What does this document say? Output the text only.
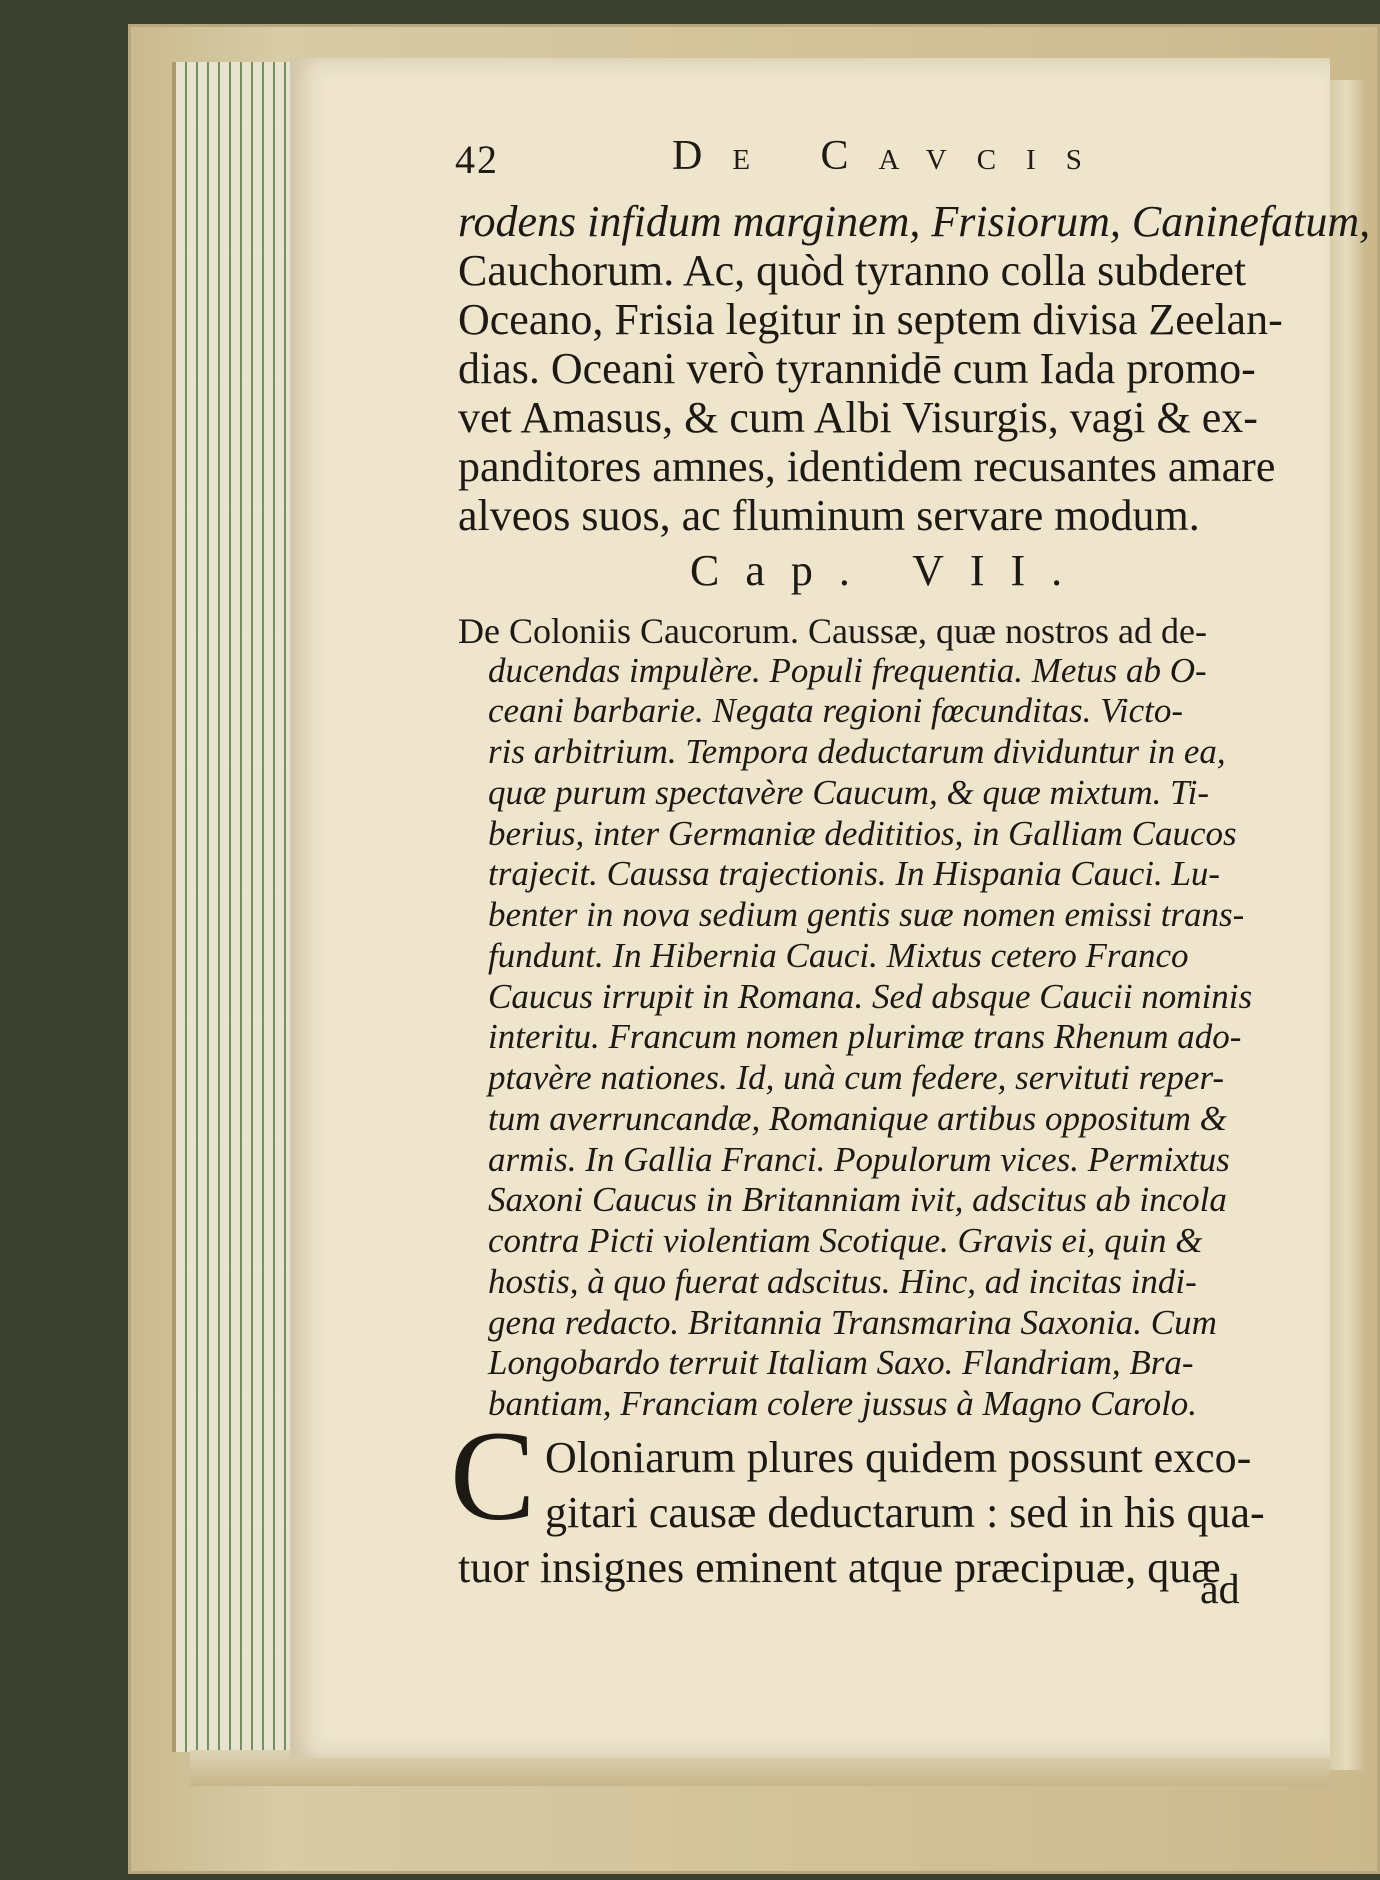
42	De Cavcis
rodens infidum marginem, Frisiorum, Caninefatum,
Cauchorum. Ac, quòd tyranno colla subderet
Oceano, Frisia legitur in septem divisa Zeelan-
dias. Oceani verò tyrannidē cum Iada promo-
vet Amasus, & cum Albi Visurgis, vagi & ex-
panditores amnes, identidem recusantes amare
alveos suos, ac fluminum servare modum.
Cap. VII.
De Coloniis Caucorum. Caussæ, quæ nostros ad de-
ducendas impulère. Populi frequentia. Metus ab O-
ceani barbarie. Negata regioni fœcunditas. Victo-
ris arbitrium. Tempora deductarum dividuntur in ea,
quæ purum spectavère Caucum, & quæ mixtum. Ti-
berius, inter Germaniæ dedititios, in Galliam Caucos
trajecit. Caussa trajectionis. In Hispania Cauci. Lu-
benter in nova sedium gentis suæ nomen emissi trans-
fundunt. In Hibernia Cauci. Mixtus cetero Franco
Caucus irrupit in Romana. Sed absque Caucii nominis
interitu. Francum nomen plurimæ trans Rhenum ado-
ptavère nationes. Id, unà cum federe, servituti reper-
tum averruncandæ, Romanique artibus oppositum &
armis. In Gallia Franci. Populorum vices. Permixtus
Saxoni Caucus in Britanniam ivit, adscitus ab incola
contra Picti violentiam Scotique. Gravis ei, quin &
hostis, à quo fuerat adscitus. Hinc, ad incitas indi-
gena redacto. Britannia Transmarina Saxonia. Cum
Longobardo terruit Italiam Saxo. Flandriam, Bra-
bantiam, Franciam colere jussus à Magno Carolo.
C Oloniarum plures quidem possunt exco-
gitari causæ deductarum : sed in his qua-
tuor insignes eminent atque præcipuæ, quæ
ad
